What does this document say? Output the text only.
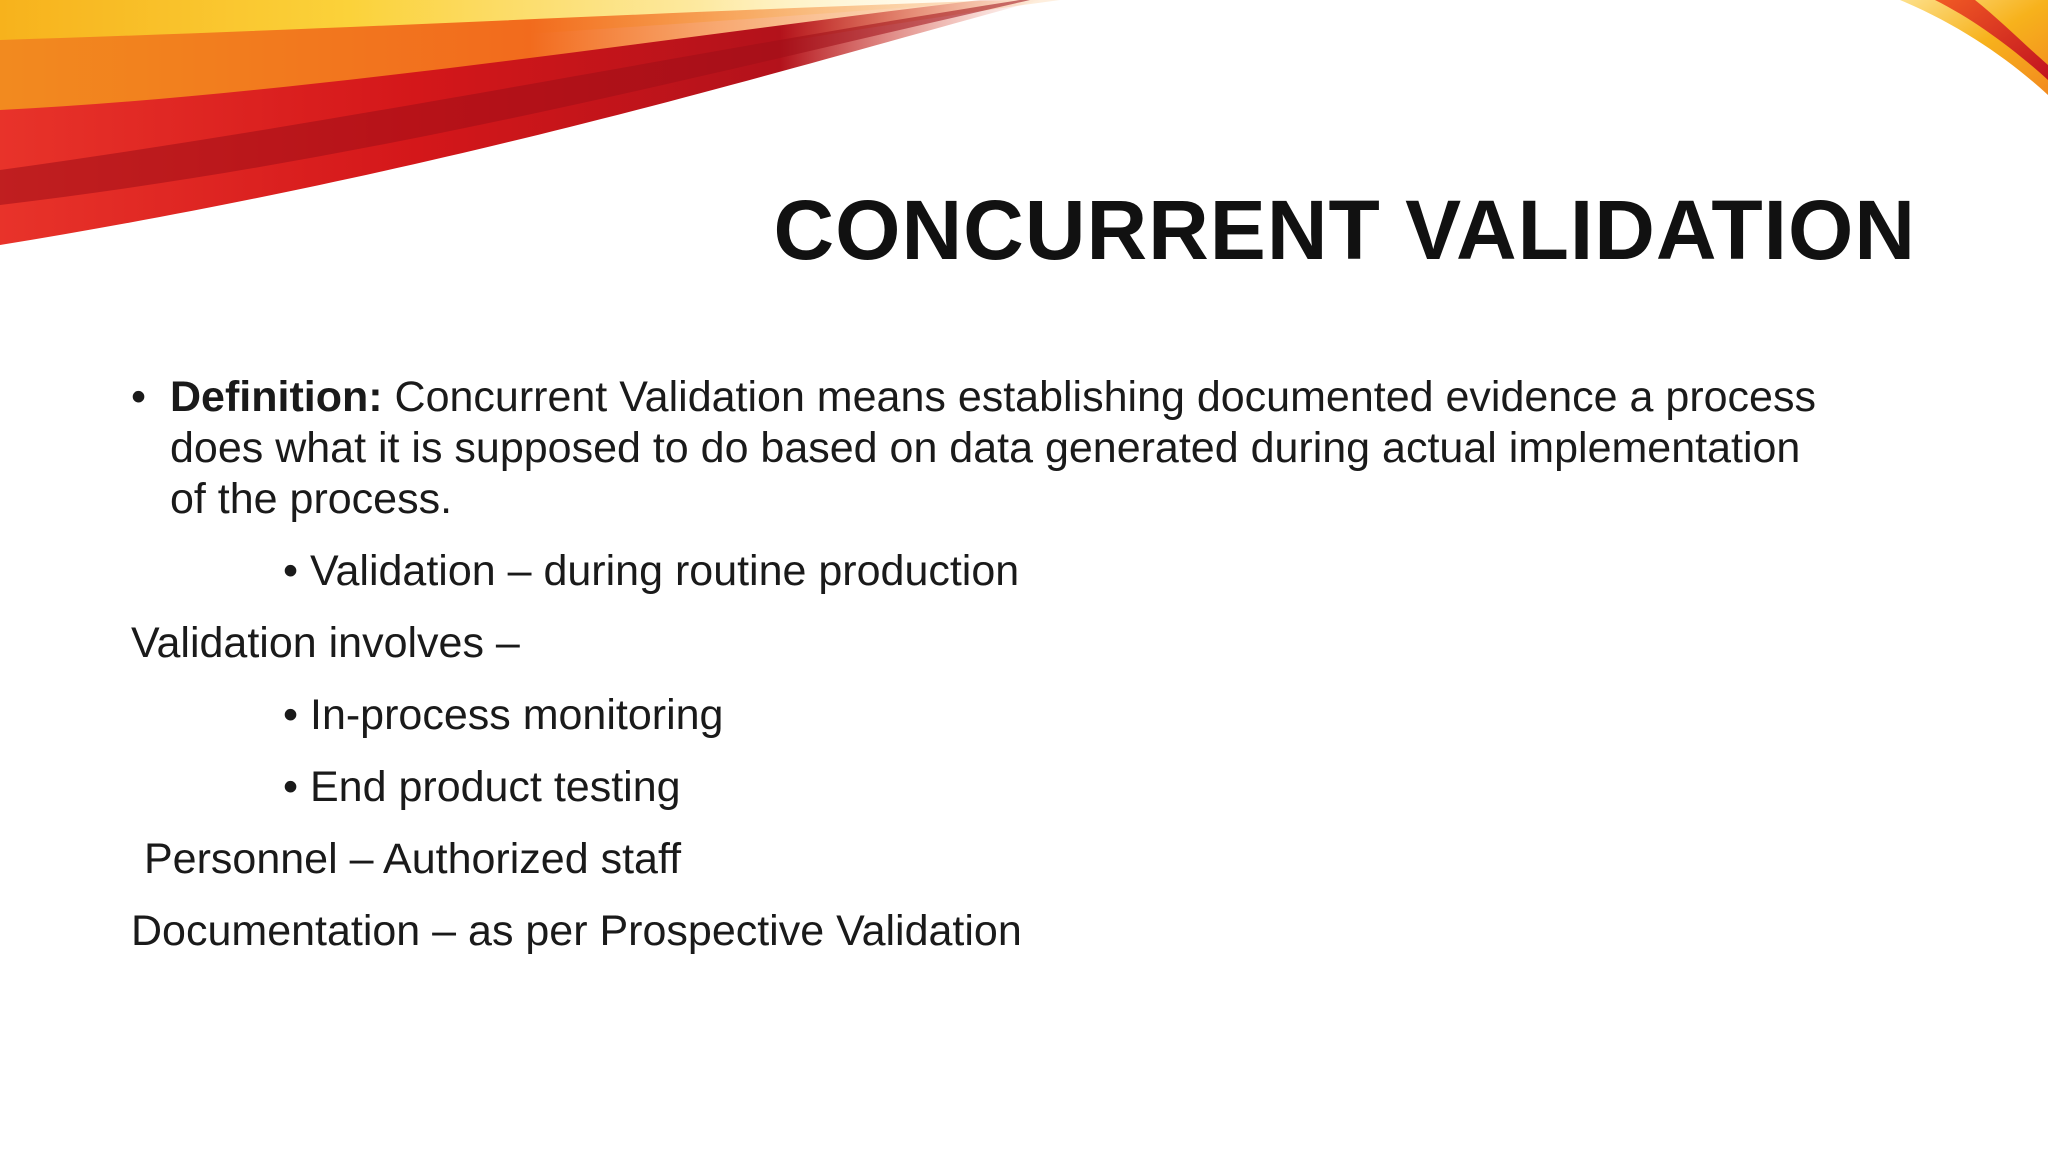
CONCURRENT VALIDATION

• Definition: Concurrent Validation means establishing documented evidence a process does what it is supposed to do based on data generated during actual implementation of the process.

• Validation – during routine production
Validation involves –
• In-process monitoring
• End product testing
Personnel – Authorized staff
Documentation – as per Prospective Validation
